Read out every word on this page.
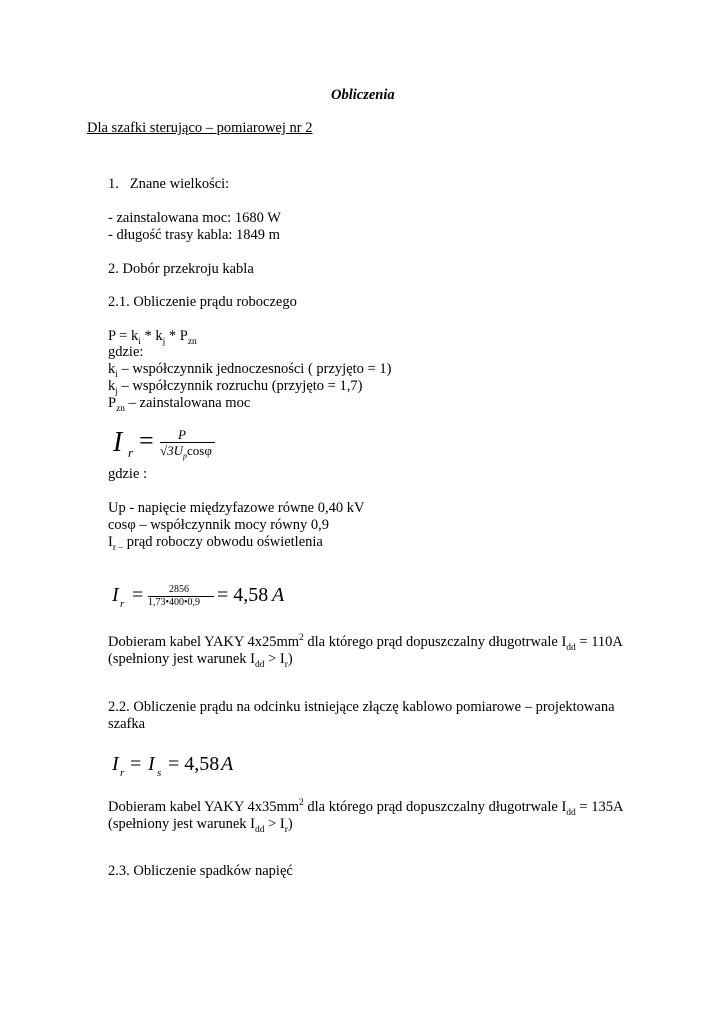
Obliczenia
Dla szafki sterująco – pomiarowej nr 2
1. Znane wielkości:
- zainstalowana moc: 1680 W
- długość trasy kabla: 1849 m
2. Dobór przekroju kabla
2.1. Obliczenie prądu roboczego
$P = k_i * k_j * P_{zn}$
gdzie:
$k_i$ – współczynnik jednoczesności ( przyjęto = 1)
$k_j$ – współczynnik rozruchu (przyjęto = 1,7)
$P_{zn}$ – zainstalowana moc
I r = P
$√3U_p\cos\varphi$
gdzie :
Up - napięcie międzyfazowe równe 0,40 kV
cosφ – współczynnik mocy równy 0,9
$I_{r -}$ prąd roboczy obwodu oświetlenia
I r =	2856
1,73•400•0,9 = 4,58 A
Dobieram kabel YAKY $4x25mm^2$ dla którego prąd dopuszczalny długotrwale $I_{dd} = 110A$
(spełniony jest warunek $I_{dd} > I_r$)
2.2. Obliczenie prądu na odcinku istniejące złączę kablowo pomiarowe – projektowana
szafka
I r = I s = 4,58 A
Dobieram kabel YAKY $4x35mm^2$ dla którego prąd dopuszczalny długotrwale $I_{dd} = 135A$
(spełniony jest warunek $I_{dd} > I_r$)
2.3. Obliczenie spadków napięć
